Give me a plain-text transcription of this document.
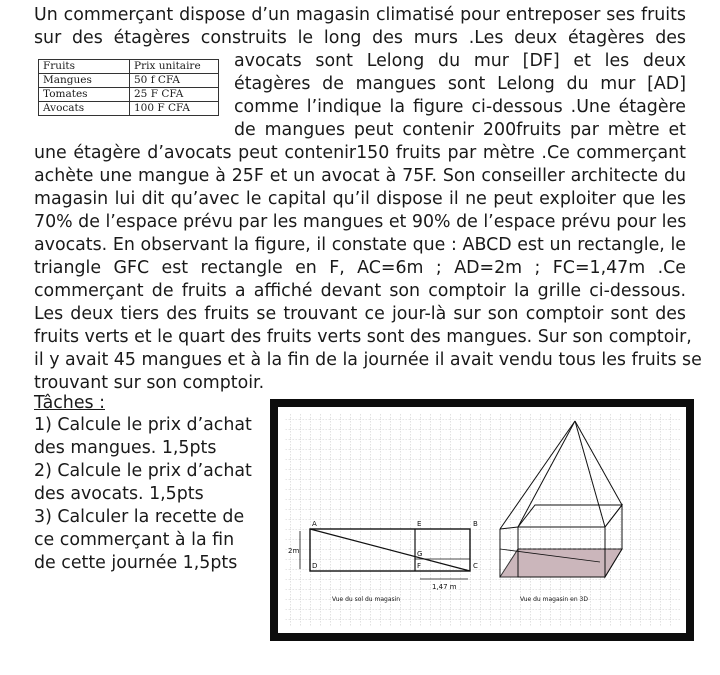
Un commerçant dispose d’un magasin climatisé pour entreposer ses fruits
sur des étagères construits le long des murs .Les deux étagères des
Fruits	Prix unitaire
Mangues	50 f CFA
Tomates	25 F CFA
Avocats	100 F CFA
avocats sont Lelong du mur [DF] et les deux
étagères de mangues sont Lelong du mur [AD]
comme l’indique la figure ci-dessous .Une étagère
de mangues peut contenir 200fruits par mètre et
une étagère d’avocats peut contenir150 fruits par mètre .Ce commerçant
achète une mangue à 25F et un avocat à 75F. Son conseiller architecte du
magasin lui dit qu’avec le capital qu’il dispose il ne peut exploiter que les
70% de l’espace prévu par les mangues et 90% de l’espace prévu pour les
avocats. En observant la figure, il constate que : ABCD est un rectangle, le
triangle GFC est rectangle en F, AC=6m ; AD=2m ; FC=1,47m .Ce
commerçant de fruits a affiché devant son comptoir la grille ci-dessous.
Les deux tiers des fruits se trouvant ce jour-là sur son comptoir sont des
fruits verts et le quart des fruits verts sont des mangues. Sur son comptoir,
il y avait 45 mangues et à la fin de la journée il avait vendu tous les fruits se
trouvant sur son comptoir.
Tâches :
1) Calcule le prix d’achat
des mangues. 1,5pts
2) Calcule le prix d’achat
des avocats. 1,5pts
3) Calculer la recette de
ce commerçant à la fin
de cette journée 1,5pts
A	E	B
D	F	C
G
2m
1,47 m
Vue du sol du magasin	Vue du magasin en 3D
